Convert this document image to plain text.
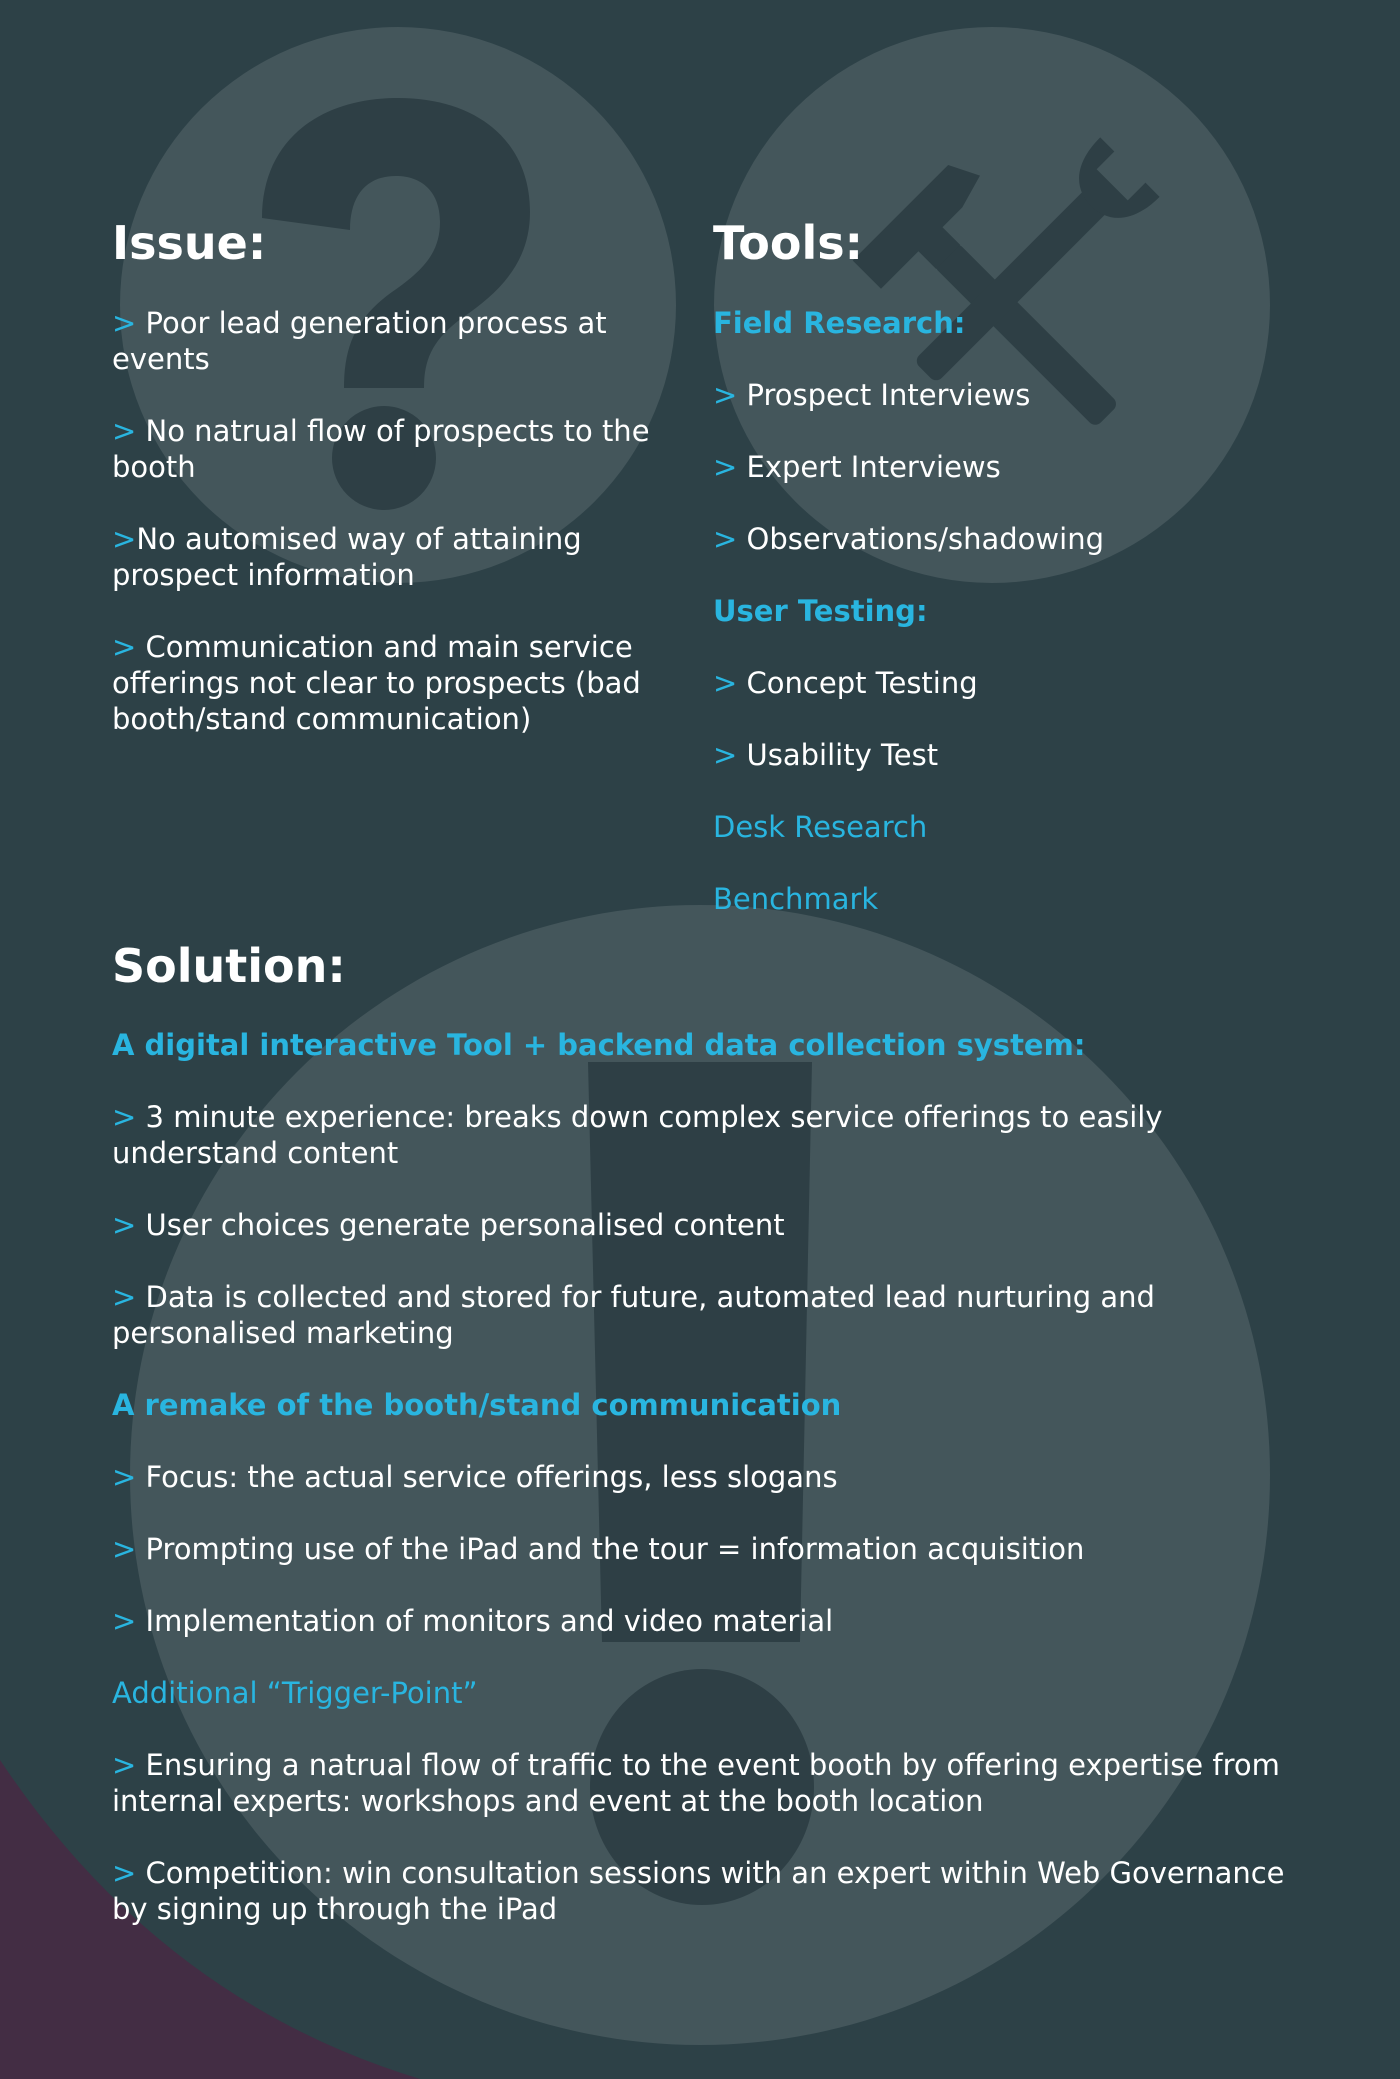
Issue:
> Poor lead generation process at events
> No natrual flow of prospects to the booth
>No automised way of attaining prospect information
> Communication and main service offerings not clear to prospects (bad booth/stand communication)
Tools:
Field Research:
> Prospect Interviews
> Expert Interviews
> Observations/shadowing
User Testing:
> Concept Testing
> Usability Test
Desk Research
Benchmark
Solution:
A digital interactive Tool + backend data collection system:
> 3 minute experience: breaks down complex service offerings to easily understand content
> User choices generate personalised content
> Data is collected and stored for future, automated lead nurturing and personalised marketing
A remake of the booth/stand communication
> Focus: the actual service offerings, less slogans
> Prompting use of the iPad and the tour = information acquisition
> Implementation of monitors and video material
Additional “Trigger-Point”
> Ensuring a natrual flow of traffic to the event booth by offering expertise from internal experts: workshops and event at the booth location
> Competition: win consultation sessions with an expert within Web Governance by signing up through the iPad
